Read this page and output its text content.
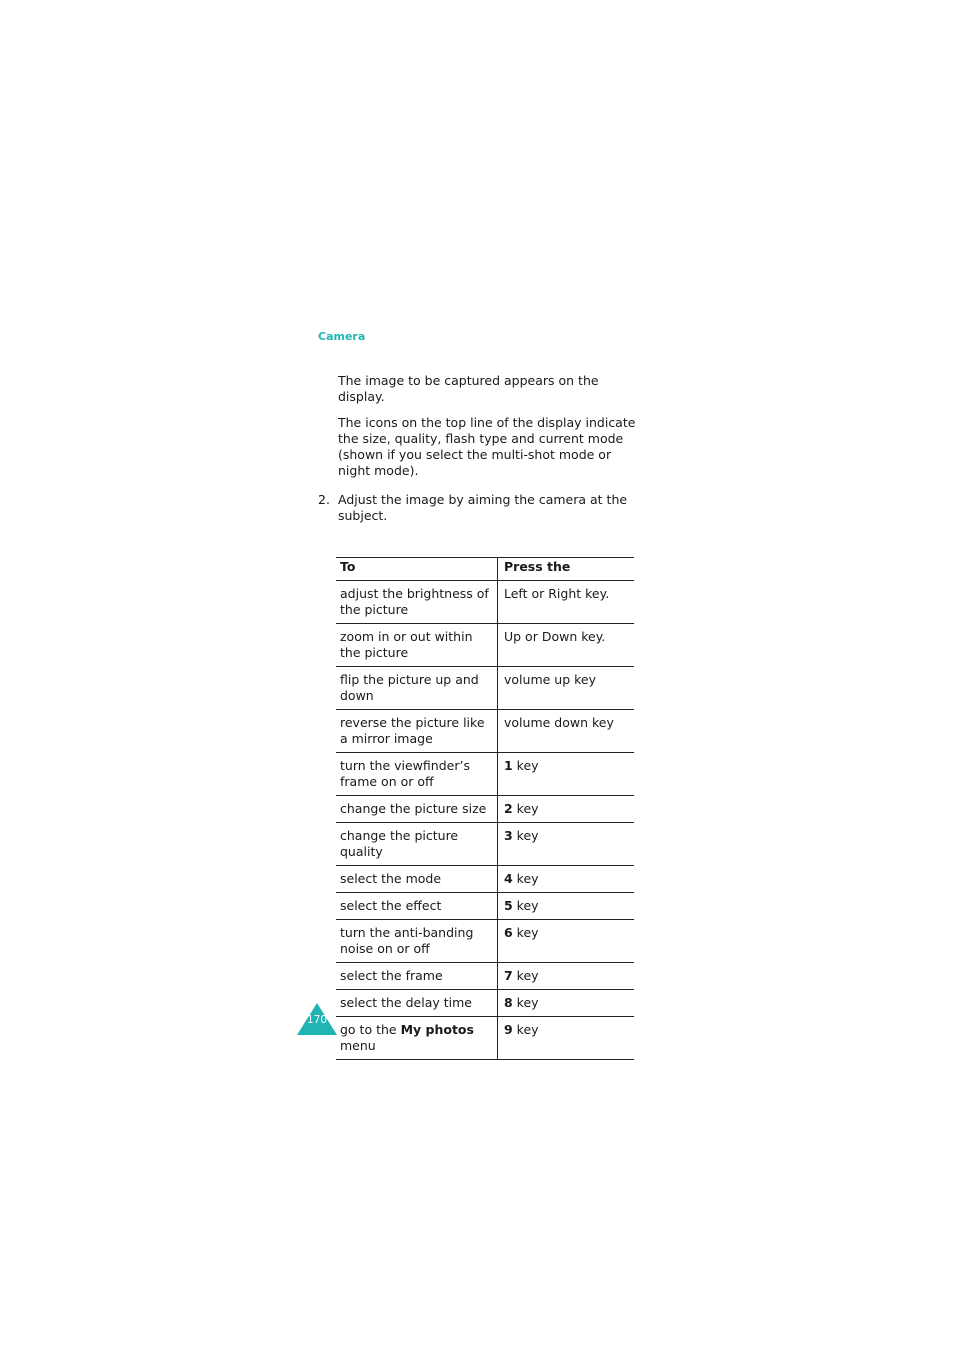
Camera

The image to be captured appears on the display.

The icons on the top line of the display indicate the size, quality, flash type and current mode (shown if you select the multi-shot mode or night mode).

2. Adjust the image by aiming the camera at the subject.

To	Press the
adjust the brightness of the picture	Left or Right key.
zoom in or out within the picture	Up or Down key.
flip the picture up and down	volume up key
reverse the picture like a mirror image	volume down key
turn the viewfinder’s frame on or off	1 key
change the picture size	2 key
change the picture quality	3 key
select the mode	4 key
select the effect	5 key
turn the anti-banding noise on or off	6 key
select the frame	7 key
select the delay time	8 key
go to the My photos menu	9 key
170
